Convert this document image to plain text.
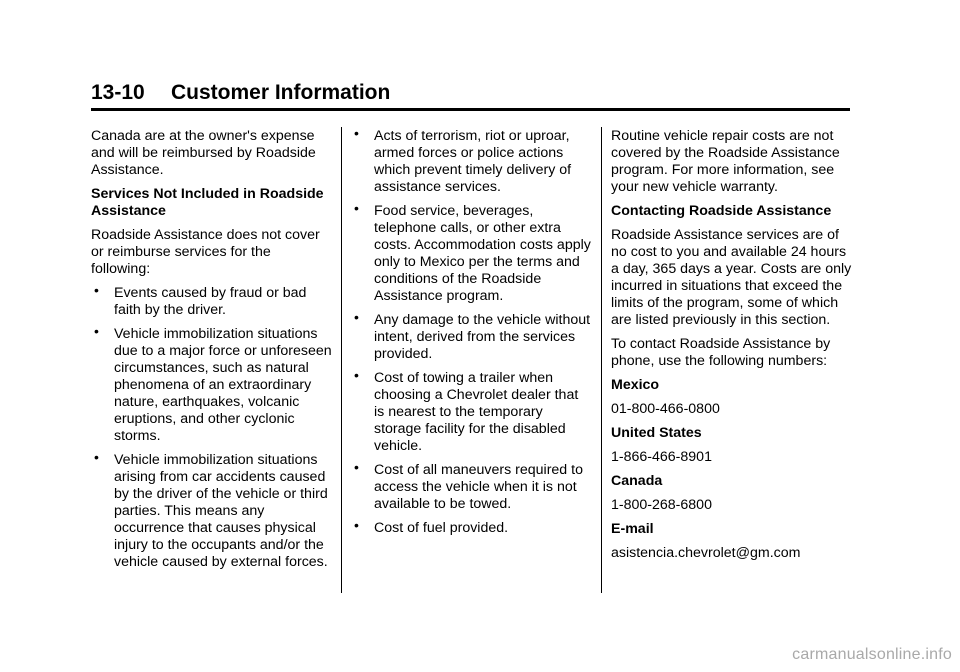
13-10 Customer Information

Canada are at the owner's expense and will be reimbursed by Roadside Assistance.

Services Not Included in Roadside Assistance

Roadside Assistance does not cover or reimburse services for the following:

• Events caused by fraud or bad faith by the driver.
• Vehicle immobilization situations due to a major force or unforeseen circumstances, such as natural phenomena of an extraordinary nature, earthquakes, volcanic eruptions, and other cyclonic storms.
• Vehicle immobilization situations arising from car accidents caused by the driver of the vehicle or third parties. This means any occurrence that causes physical injury to the occupants and/or the vehicle caused by external forces.
• Acts of terrorism, riot or uproar, armed forces or police actions which prevent timely delivery of assistance services.
• Food service, beverages, telephone calls, or other extra costs. Accommodation costs apply only to Mexico per the terms and conditions of the Roadside Assistance program.
• Any damage to the vehicle without intent, derived from the services provided.
• Cost of towing a trailer when choosing a Chevrolet dealer that is nearest to the temporary storage facility for the disabled vehicle.
• Cost of all maneuvers required to access the vehicle when it is not available to be towed.
• Cost of fuel provided.

Routine vehicle repair costs are not covered by the Roadside Assistance program. For more information, see your new vehicle warranty.

Contacting Roadside Assistance

Roadside Assistance services are of no cost to you and available 24 hours a day, 365 days a year. Costs are only incurred in situations that exceed the limits of the program, some of which are listed previously in this section.

To contact Roadside Assistance by phone, use the following numbers:

Mexico

01-800-466-0800

United States

1-866-466-8901

Canada

1-800-268-6800

E-mail

asistencia.chevrolet@gm.com

carmanualsonline.info
